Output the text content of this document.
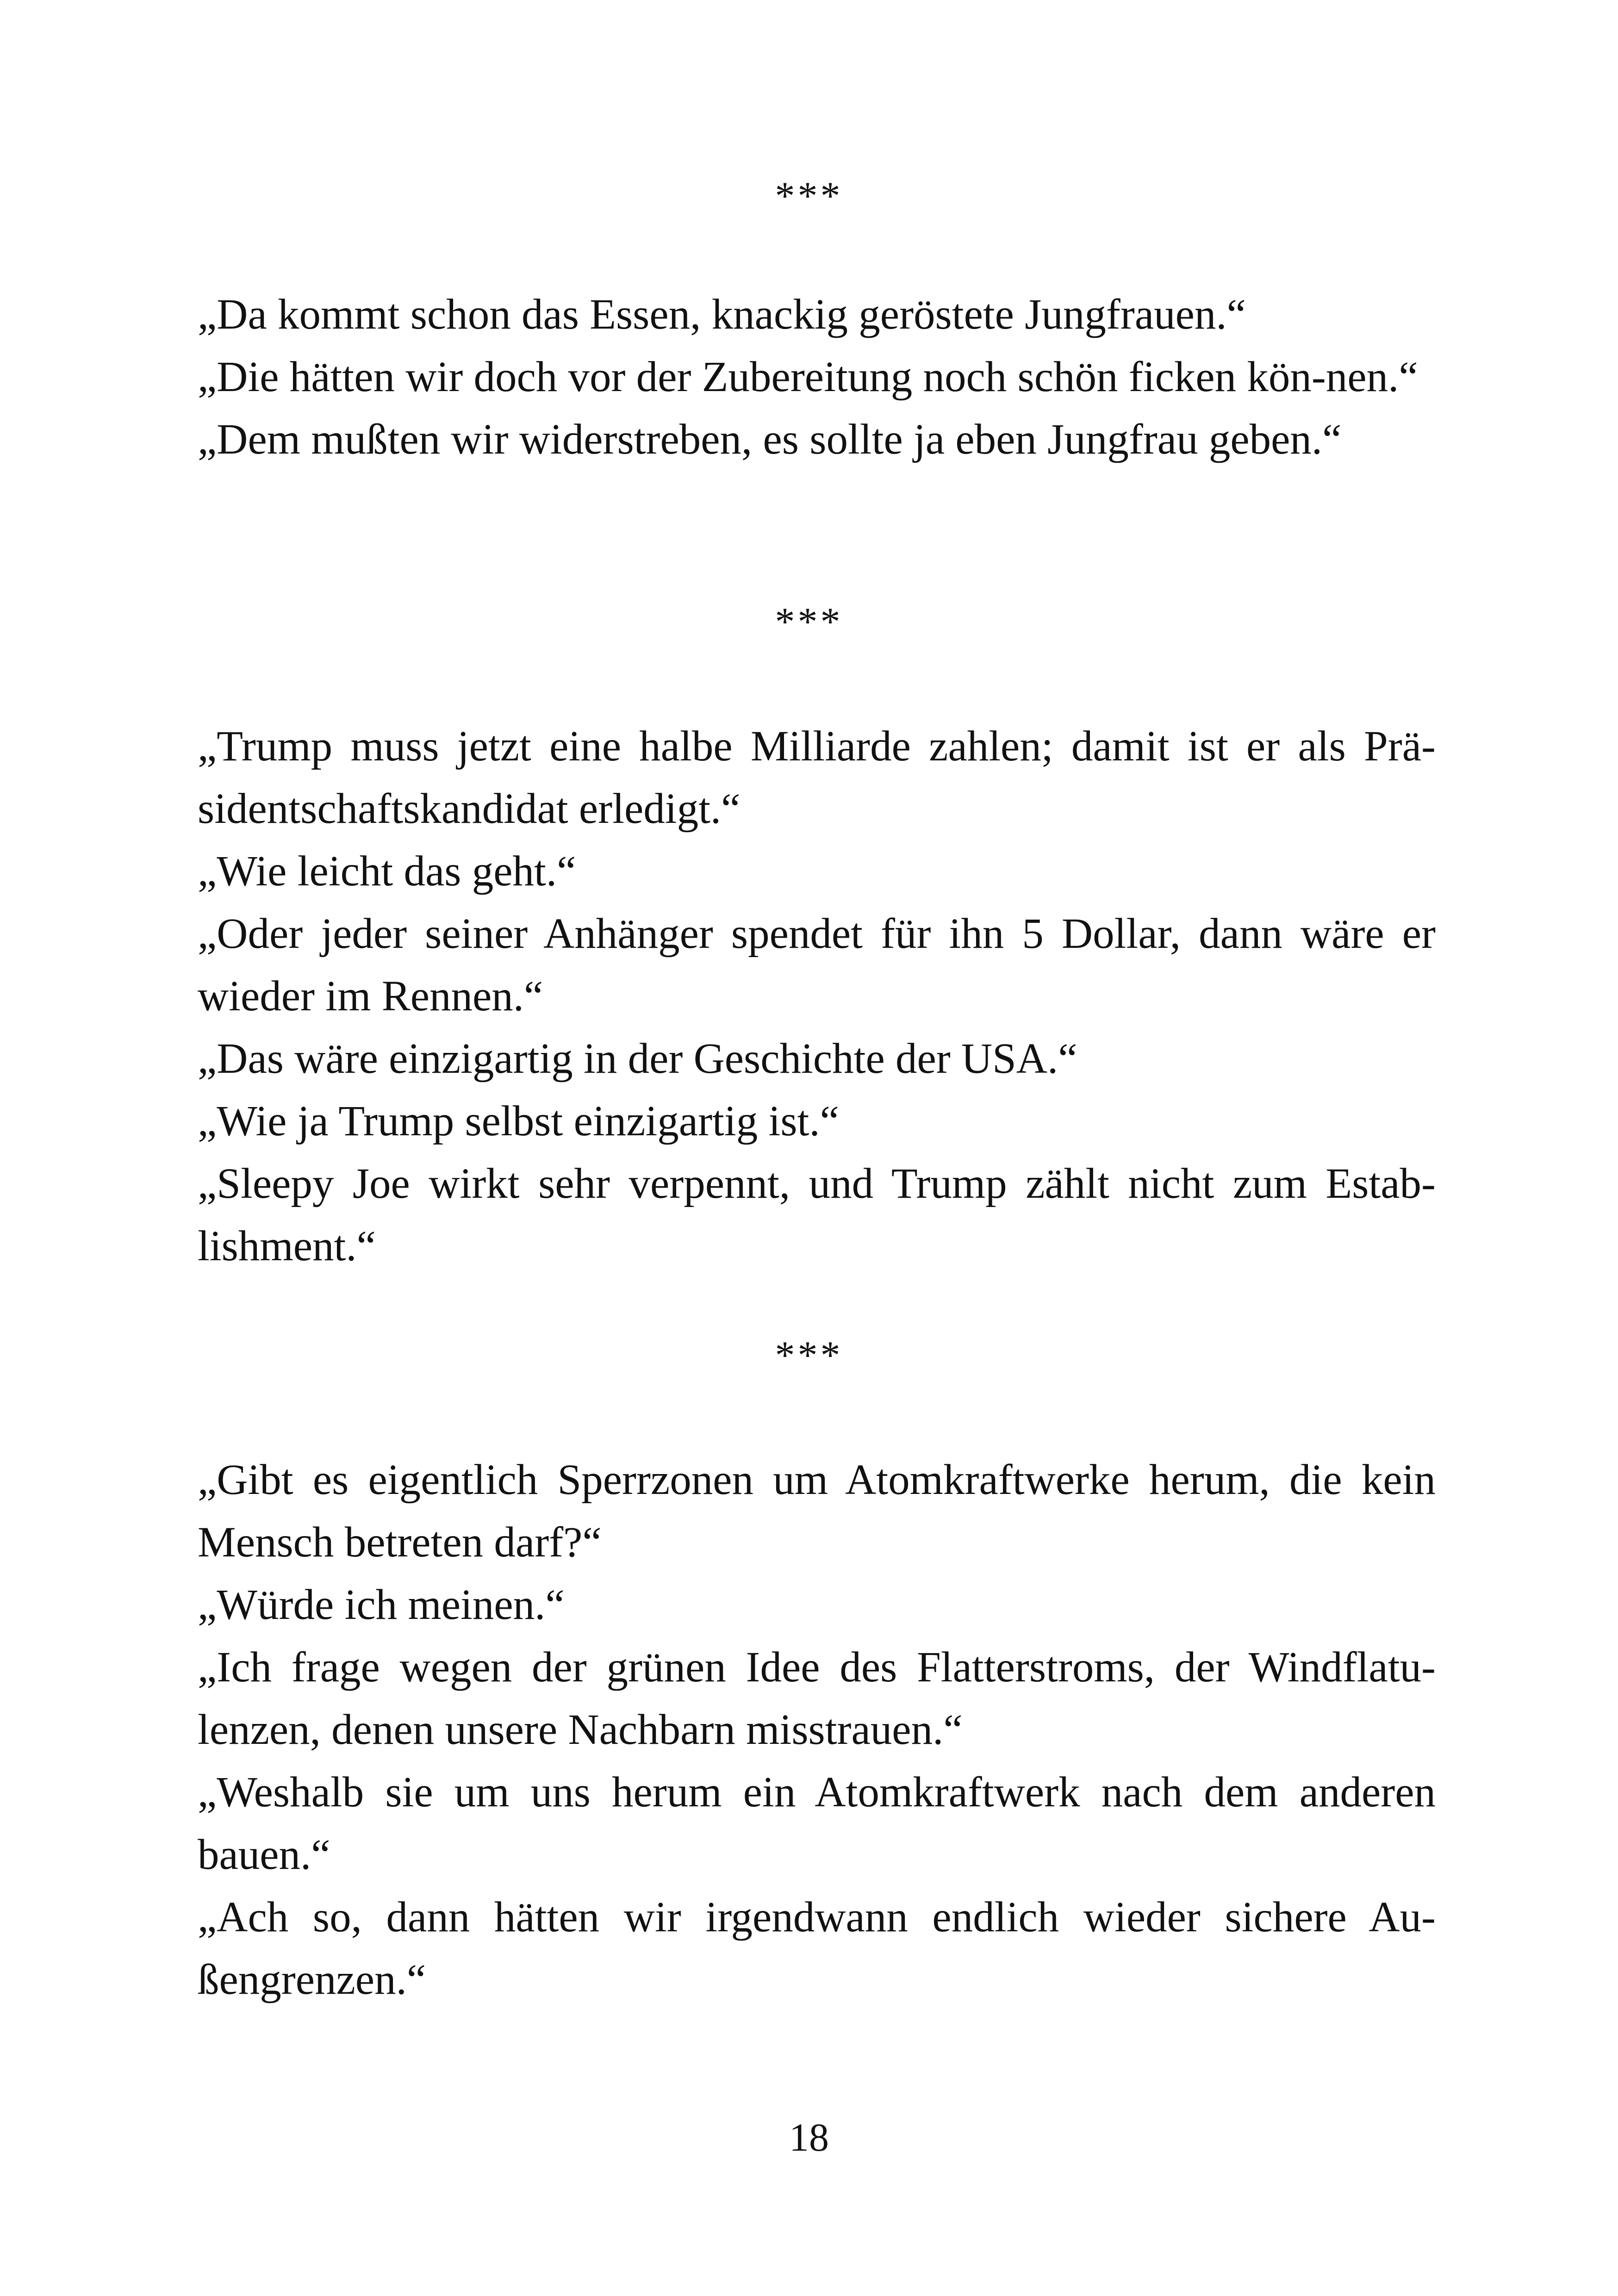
***

„Da kommt schon das Essen, knackig geröstete Jungfrauen.“

„Die hätten wir doch vor der Zubereitung noch schön ficken kön-nen.“

„Dem mußten wir widerstreben, es sollte ja eben Jungfrau geben.“

***

„Trump muss jetzt eine halbe Milliarde zahlen; damit ist er als Prä-sidentschaftskandidat erledigt.“

„Wie leicht das geht.“

„Oder jeder seiner Anhänger spendet für ihn 5 Dollar, dann wäre er wieder im Rennen.“

„Das wäre einzigartig in der Geschichte der USA.“

„Wie ja Trump selbst einzigartig ist.“

„Sleepy Joe wirkt sehr verpennt, und Trump zählt nicht zum Estab-lishment.“

***

„Gibt es eigentlich Sperrzonen um Atomkraftwerke herum, die kein Mensch betreten darf?“

„Würde ich meinen.“

„Ich frage wegen der grünen Idee des Flatterstroms, der Windflatu-lenzen, denen unsere Nachbarn misstrauen.“

„Weshalb sie um uns herum ein Atomkraftwerk nach dem anderen bauen.“

„Ach so, dann hätten wir irgendwann endlich wieder sichere Au-ßengrenzen.“

18
